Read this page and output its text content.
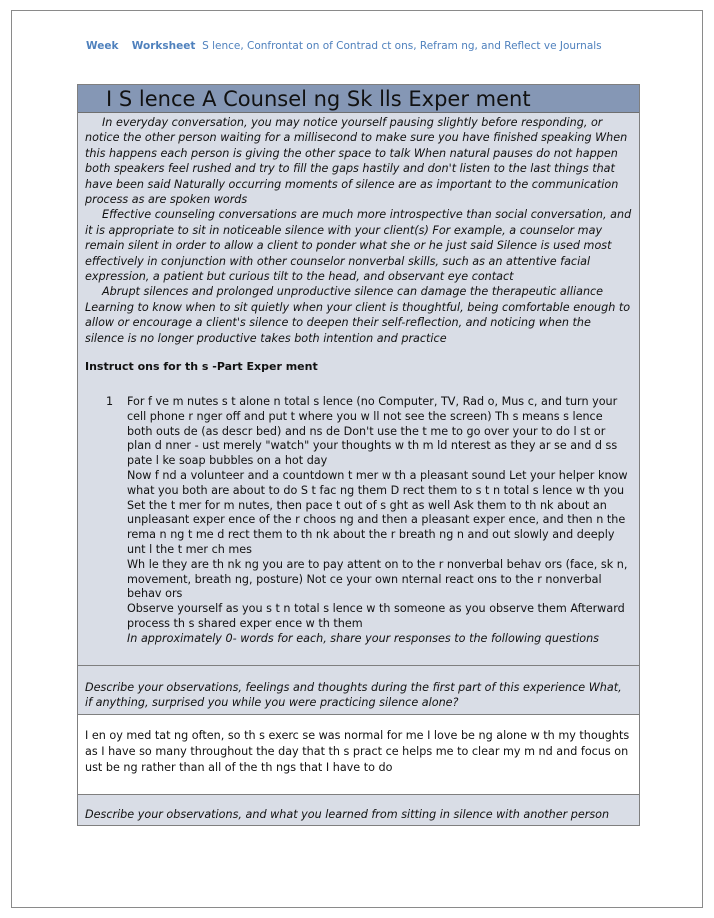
Week Worksheet S lence, Confrontat on of Contrad ct ons, Refram ng, and Reflect ve Journals
I S lence A Counsel ng Sk lls Exper ment

In everyday conversation, you may notice yourself pausing slightly before responding, or notice the other person waiting for a millisecond to make sure you have finished speaking When this happens each person is giving the other space to talk When natural pauses do not happen both speakers feel rushed and try to fill the gaps hastily and don't listen to the last things that have been said Naturally occurring moments of silence are as important to the communication process as are spoken words

Effective counseling conversations are much more introspective than social conversation, and it is appropriate to sit in noticeable silence with your client(s) For example, a counselor may remain silent in order to allow a client to ponder what she or he just said Silence is used most effectively in conjunction with other counselor nonverbal skills, such as an attentive facial expression, a patient but curious tilt to the head, and observant eye contact

Abrupt silences and prolonged unproductive silence can damage the therapeutic alliance Learning to know when to sit quietly when your client is thoughtful, being comfortable enough to allow or encourage a client's silence to deepen their self-reflection, and noticing when the silence is no longer productive takes both intention and practice

Instruct ons for th s -Part Exper ment

1 For f ve m nutes s t alone n total s lence (no Computer, TV, Rad o, Mus c, and turn your cell phone r nger off and put t where you w ll not see the screen) Th s means s lence both outs de (as descr bed) and ns de Don't use the t me to go over your to do l st or plan d nner - ust merely "watch" your thoughts w th m ld nterest as they ar se and d ss pate l ke soap bubbles on a hot day

Now f nd a volunteer and a countdown t mer w th a pleasant sound Let your helper know what you both are about to do S t fac ng them D rect them to s t n total s lence w th you Set the t mer for m nutes, then pace t out of s ght as well Ask them to th nk about an unpleasant exper ence of the r choos ng and then a pleasant exper ence, and then n the rema n ng t me d rect them to th nk about the r breath ng n and out slowly and deeply unt l the t mer ch mes

Wh le they are th nk ng you are to pay attent on to the r nonverbal behav ors (face, sk n, movement, breath ng, posture) Not ce your own nternal react ons to the r nonverbal behav ors

Observe yourself as you s t n total s lence w th someone as you observe them Afterward process th s shared exper ence w th them

In approximately 0- words for each, share your responses to the following questions

Describe your observations, feelings and thoughts during the first part of this experience What, if anything, surprised you while you were practicing silence alone?
I en oy med tat ng often, so th s exerc se was normal for me I love be ng alone w th my thoughts as I have so many throughout the day that th s pract ce helps me to clear my m nd and focus on ust be ng rather than all of the th ngs that I have to do
Describe your observations, and what you learned from sitting in silence with another person
